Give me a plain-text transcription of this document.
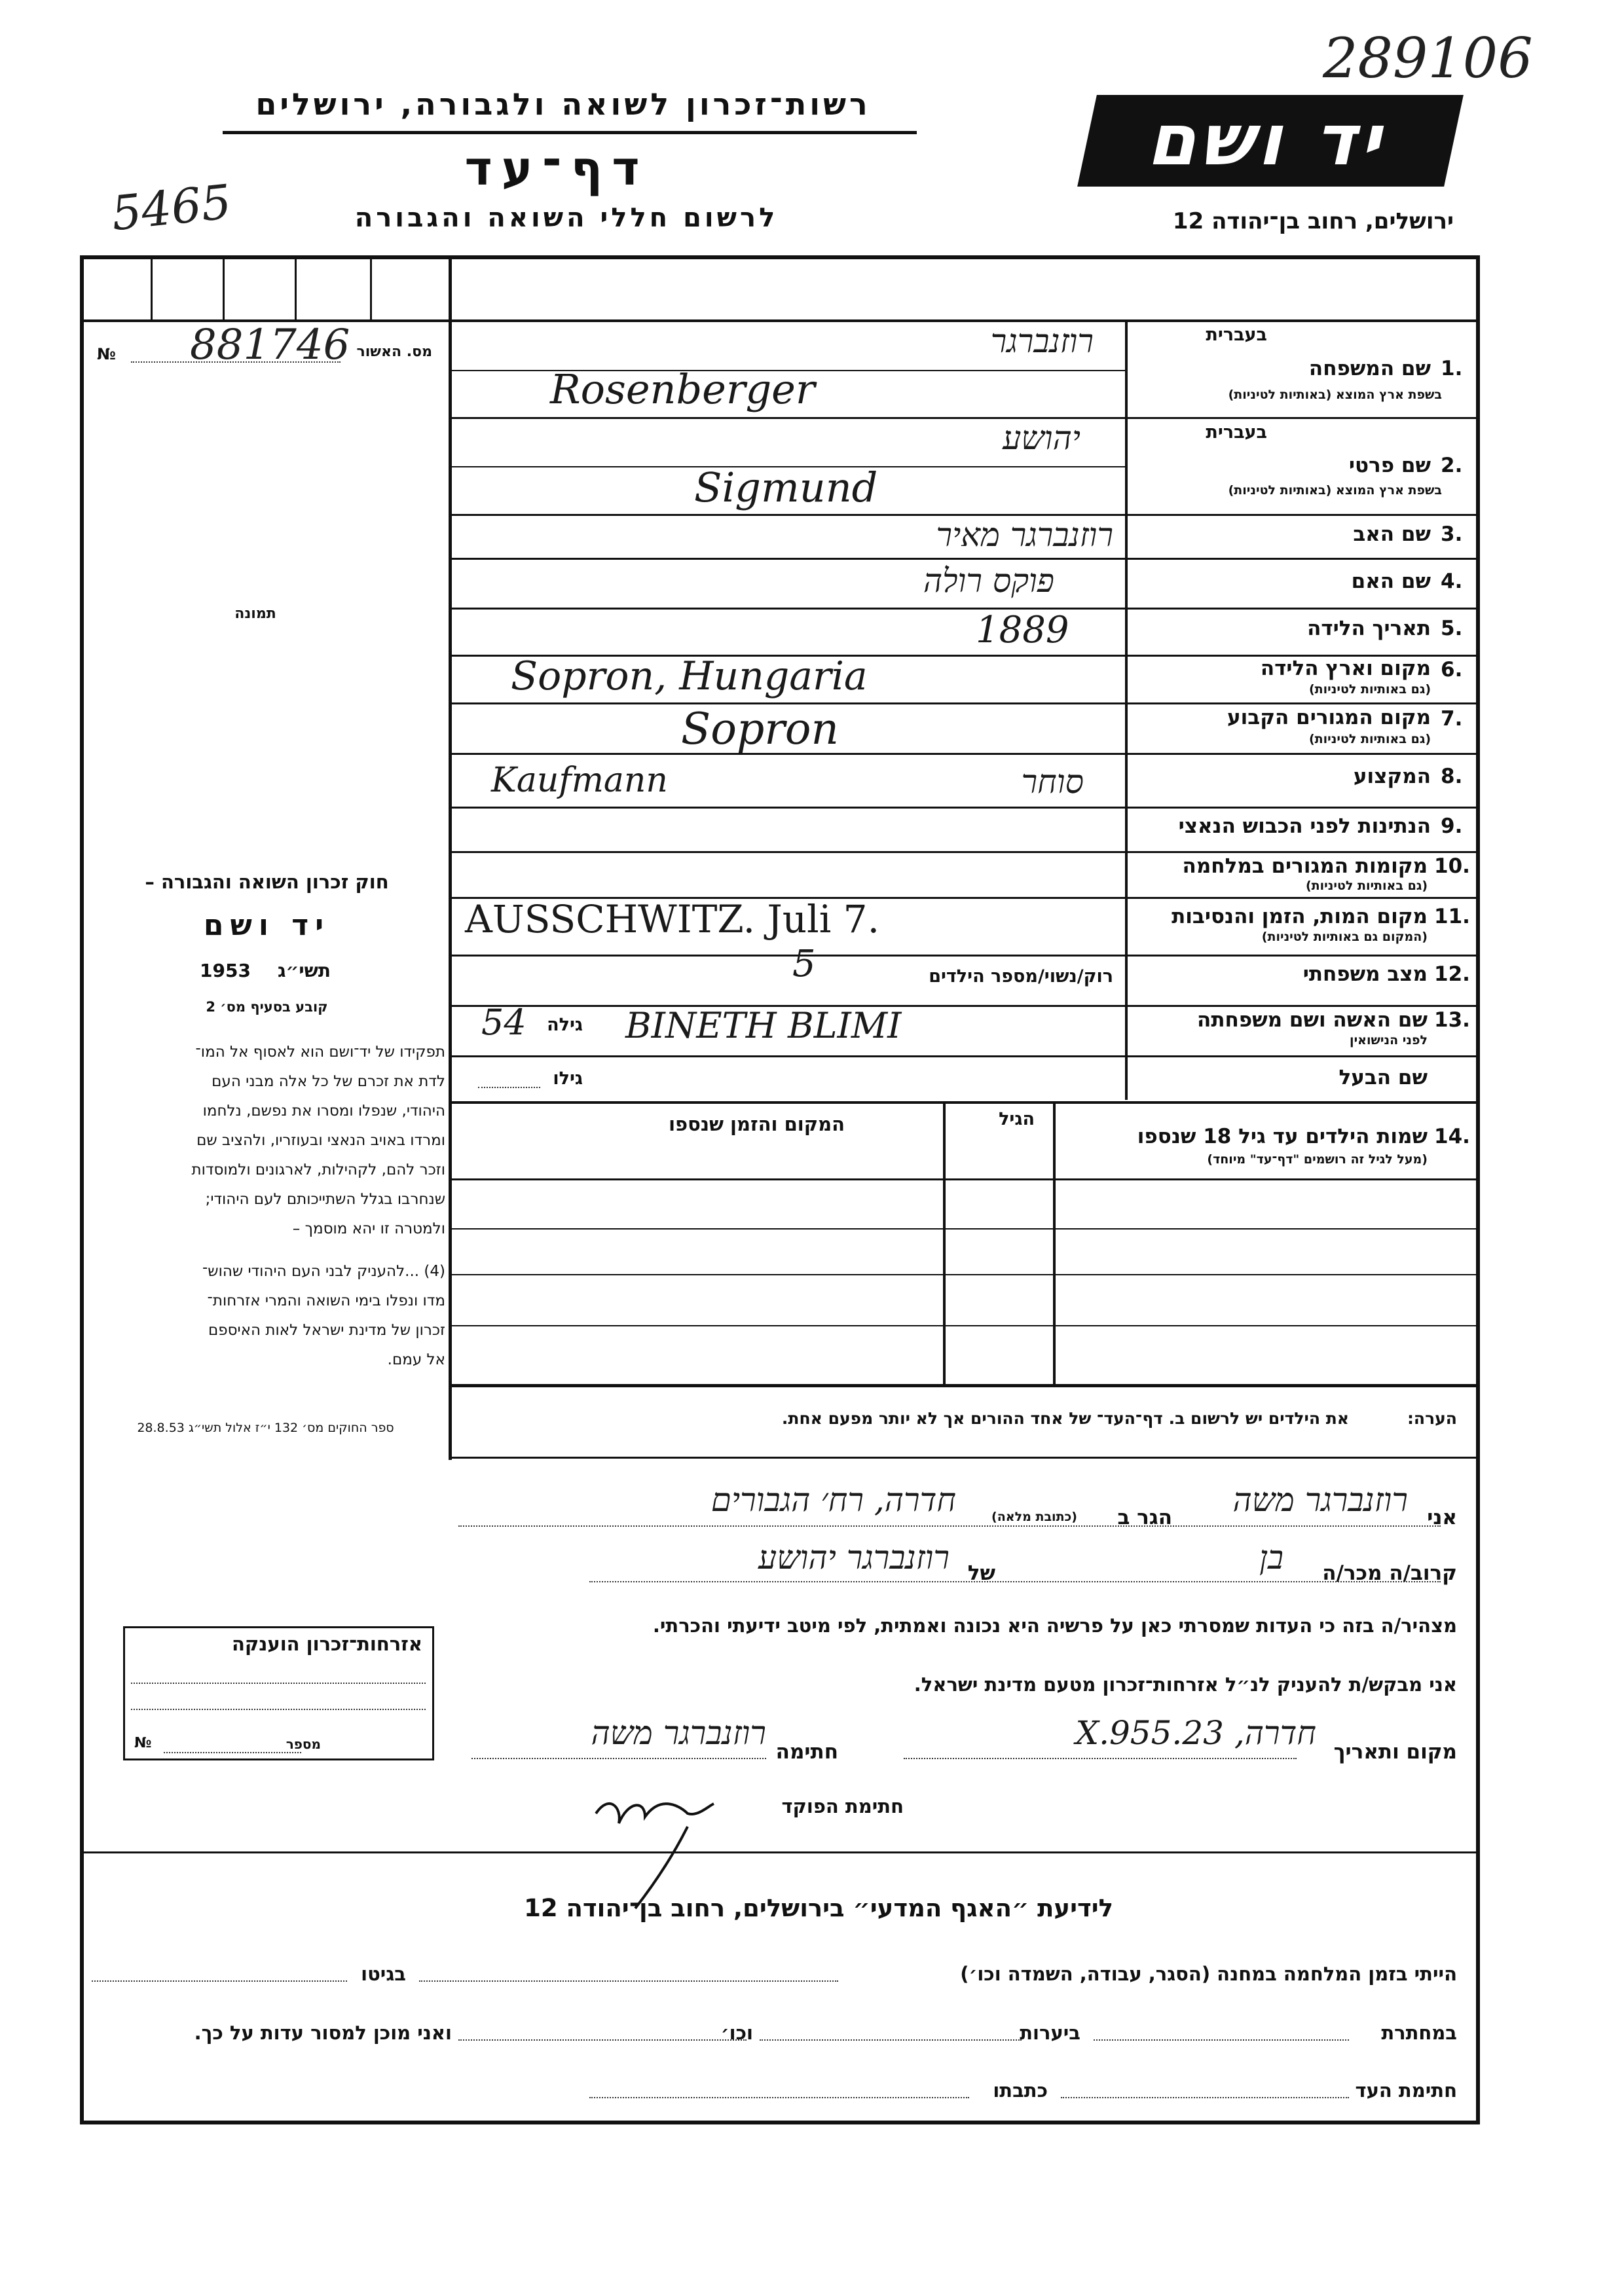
289106
5465
רשות־זכרון לשואה ולגבורה, ירושלים
דף־עד
לרשום חללי השואה והגבורה
יד ושם
ירושלים, רחוב בן־יהודה 12
מס. האשור
881746
№
תמונה
חוק זכרון השואה והגבורה –
יד ושם
תשי״ג
1953
קובע בסעיף מס׳ 2
תפקידו של יד־ושם הוא לאסוף אל המו־
לדת את זכרם של כל אלה מבני העם
היהודי, שנפלו ומסרו את נפשם, נלחמו
ומרדו באויב הנאצי ובעוזריו, ולהציב שם
וזכר להם, לקהילות, לארגונים ולמוסדות
שנחרבו בגלל השתייכותם לעם היהודי;
ולמטרה זו יהא מוסמך –
(4) ...להעניק לבני העם היהודי שהוש־
מדו ונפלו בימי השואה והמרי אזרחות־
זכרון של מדינת ישראל לאות האיספם
אל עמם.
ספר החוקים מס׳ 132 י״ז אלול תשי״ג 28.8.53
בעברית
1.
שם המשפחה
בשפת ארץ המוצא (באותיות לטיניות)
רוזנברגר
Rosenberger
בעברית
2.
שם פרטי
בשפת ארץ המוצא (באותיות לטיניות)
יהושע
Sigmund
3.
שם האב
רוזנברגר מאיר
4.
שם האם
פוקס רולה
5.
תאריך הלידה
1889
6.
מקום וארץ הלידה
(גם באותיות לטיניות)
Sopron, Hungaria
7.
מקום המגורים הקבוע
(גם באותיות לטיניות)
Sopron
8.
המקצוע
Kaufmann	סוחר
9.
הנתינות לפני הכבוש הנאצי
10.
מקומות המגורים במלחמה
(גם באותיות לטיניות)
11.
מקום המות, הזמן והנסיבות
(המקום גם באותיות לטיניות)
AUSSCHWITZ. Juli 7.
12.
מצב משפחתי
רוק/נשוי/מספר הילדים
5
13.
שם האשה ושם משפחתה
לפני הנישואין
54 גילה BINETH BLIMI
שם הבעל
גילו
14.
שמות הילדים עד גיל 18 שנספו
(מעל לגיל זה רושמים "דף־עד" מיוחד)
הגיל
המקום והזמן שנספו
הערה:
את הילדים יש לרשום ב. דף־העד־ של אחד ההורים אך לא יותר מפעם אחת.
אני
רוזנברגר משה
הגר ב
(כתובת מלאה)
חדרה, רח׳ הגבורים
קרוב/ה מכר/ה
בן
של
רוזנברגר יהושע
מצהיר/ה בזה כי העדות שמסרתי כאן על פרשיה היא נכונה ואמתית, לפי מיטב ידיעתי והכרתי.
אני מבקש/ת להעניק לנ״ל אזרחות־זכרון מטעם מדינת ישראל.
מקום ותאריך
חדרה, 23.X.955
חתימה
רוזנברגר משה
חתימת הפוקד
אזרחות־זכרון הוענקה
מספר
№
לידיעת ״האגף המדעי״ בירושלים, רחוב בן־יהודה 12
הייתי בזמן המלחמה במחנה (הסגר, עבודה, השמדה וכו׳)
בגיטו
במחתרת
ביערות
וכו׳
ואני מוכן למסור עדות על כך.
חתימת העד
כתבתו
